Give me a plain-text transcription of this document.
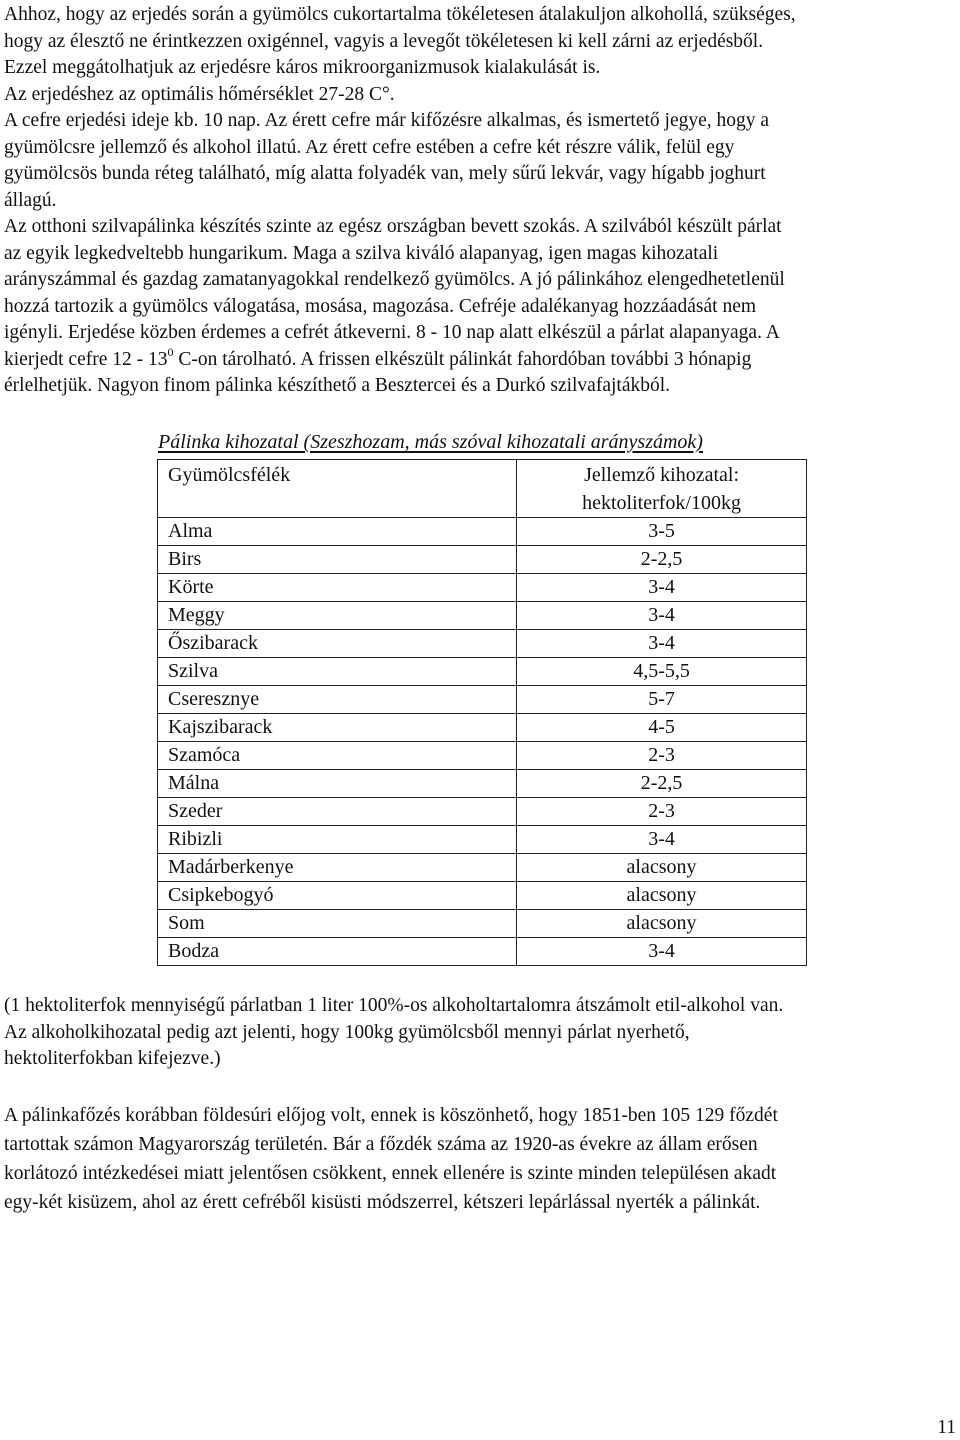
Ahhoz, hogy az erjedés során a gyümölcs cukortartalma tökéletesen átalakuljon alkohollá, szükséges,

hogy az élesztő ne érintkezzen oxigénnel, vagyis a levegőt tökéletesen ki kell zárni az erjedésből.

Ezzel meggátolhatjuk az erjedésre káros mikroorganizmusok kialakulását is.

Az erjedéshez az optimális hőmérséklet 27-28 C°.

A cefre erjedési ideje kb. 10 nap. Az érett cefre már kifőzésre alkalmas, és ismertető jegye, hogy a

gyümölcsre jellemző és alkohol illatú. Az érett cefre estében a cefre két részre válik, felül egy

gyümölcsös bunda réteg található, míg alatta folyadék van, mely sűrű lekvár, vagy hígabb joghurt

állagú.

Az otthoni szilvapálinka készítés szinte az egész országban bevett szokás. A szilvából készült párlat

az egyik legkedveltebb hungarikum. Maga a szilva kiváló alapanyag, igen magas kihozatali

arányszámmal és gazdag zamatanyagokkal rendelkező gyümölcs. A jó pálinkához elengedhetetlenül

hozzá tartozik a gyümölcs válogatása, mosása, magozása. Cefréje adalékanyag hozzáadását nem

igényli. Erjedése közben érdemes a cefrét átkeverni. 8 - 10 nap alatt elkészül a párlat alapanyaga. A

kierjedt cefre $12 - 13^0$ C-on tárolható. A frissen elkészült pálinkát fahordóban további 3 hónapig

érlelhetjük. Nagyon finom pálinka készíthető a Besztercei és a Durkó szilvafajtákból.

Pálinka kihozatal (Szeszhozam, más szóval kihozatali arányszámok)
Gyümölcsfélék	Jellemző kihozatal:
hektoliterfok/100kg

Alma	3-5
Birs	2-2,5
Körte	3-4
Meggy	3-4
Őszibarack	3-4
Szilva	4,5-5,5
Cseresznye	5-7
Kajszibarack	4-5
Szamóca	2-3
Málna	2-2,5
Szeder	2-3
Ribizli	3-4
Madárberkenye	alacsony
Csipkebogyó	alacsony
Som	alacsony
Bodza	3-4

(1 hektoliterfok mennyiségű párlatban 1 liter 100%-os alkoholtartalomra átszámolt etil-alkohol van.

Az alkoholkihozatal pedig azt jelenti, hogy 100kg gyümölcsből mennyi párlat nyerhető,

hektoliterfokban kifejezve.)

A pálinkafőzés korábban földesúri előjog volt, ennek is köszönhető, hogy 1851-ben 105 129 főzdét

tartottak számon Magyarország területén. Bár a főzdék száma az 1920-as évekre az állam erősen

korlátozó intézkedései miatt jelentősen csökkent, ennek ellenére is szinte minden településen akadt

egy-két kisüzem, ahol az érett cefréből kisüsti módszerrel, kétszeri lepárlással nyerték a pálinkát.

11
